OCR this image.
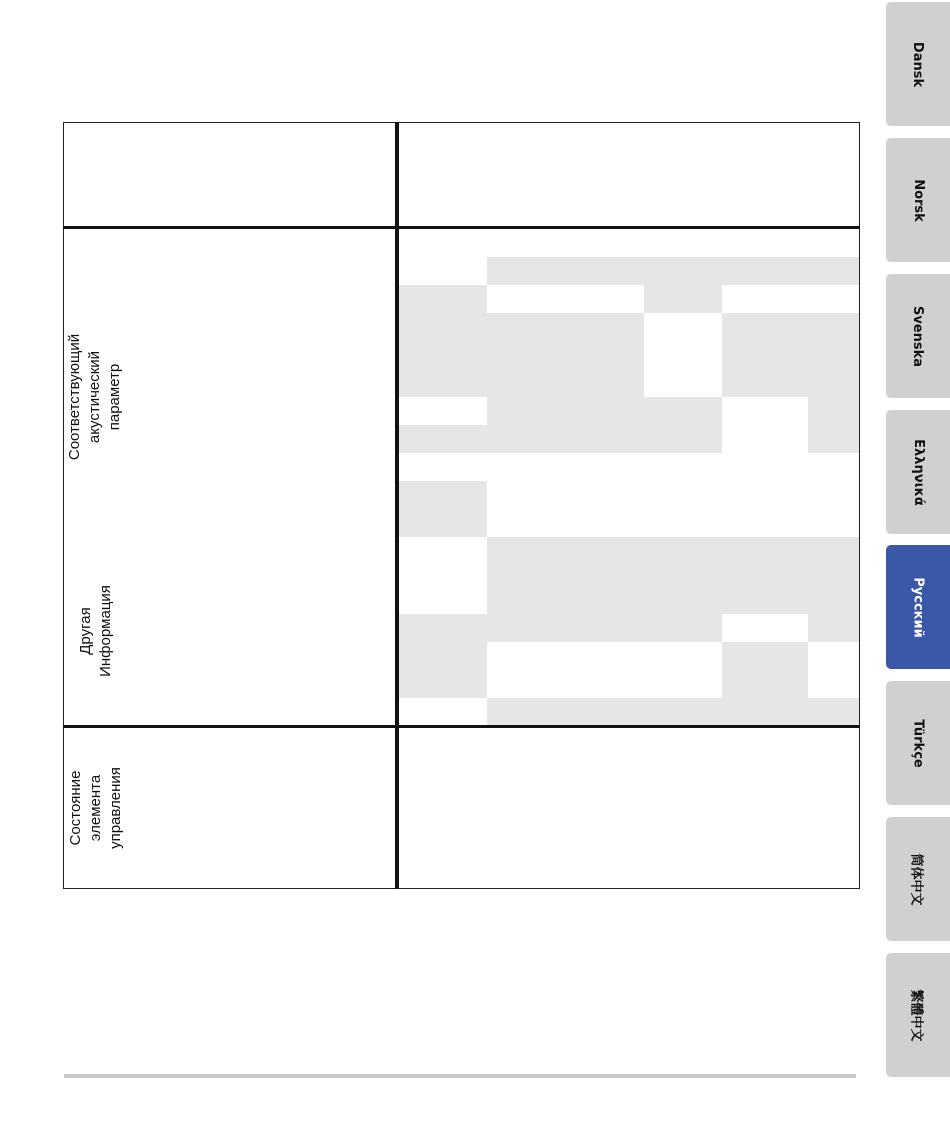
Соответствующий
акустический параметр
Другая
Информация
Состояние
элемента
управления
Dansk
Norsk
Svenska
Ελληνικά
Русский
Türkçe
简体中文
繁體中文
